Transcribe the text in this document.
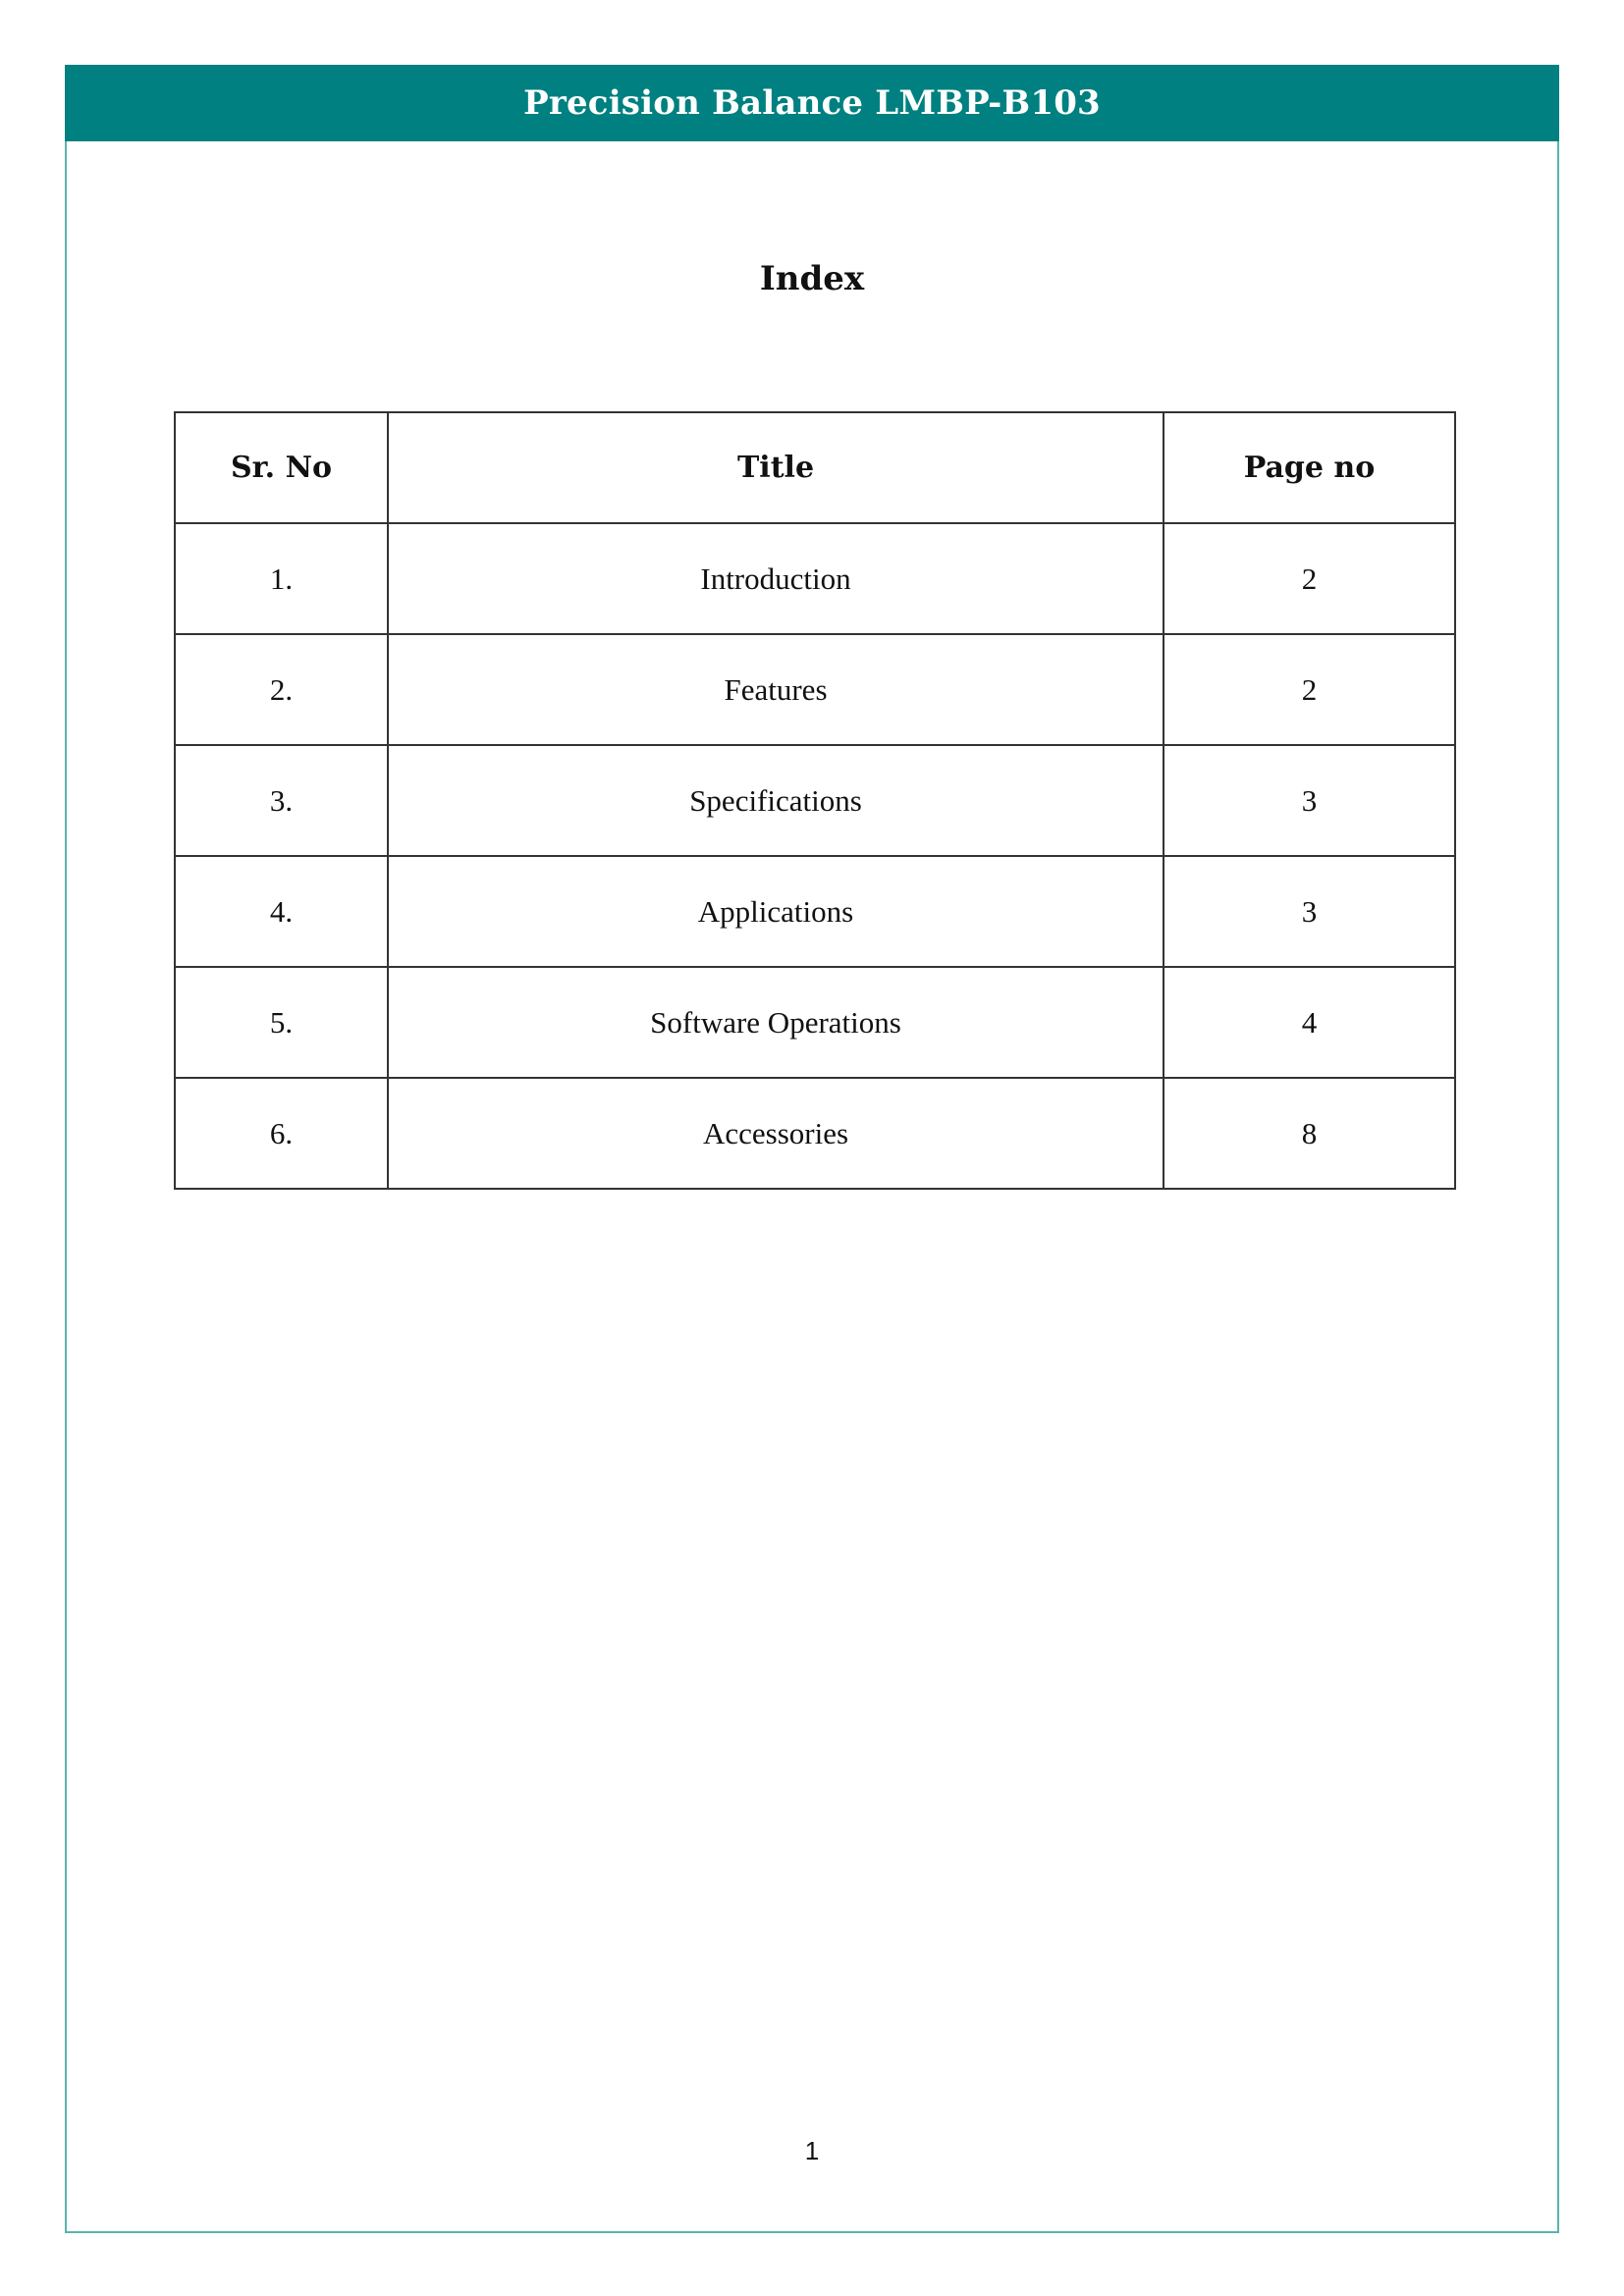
Precision Balance LMBP-B103
Index
Sr. No	Title	Page no
1.	Introduction	2
2.	Features	2
3.	Specifications	3
4.	Applications	3
5.	Software Operations	4
6.	Accessories	8
1
